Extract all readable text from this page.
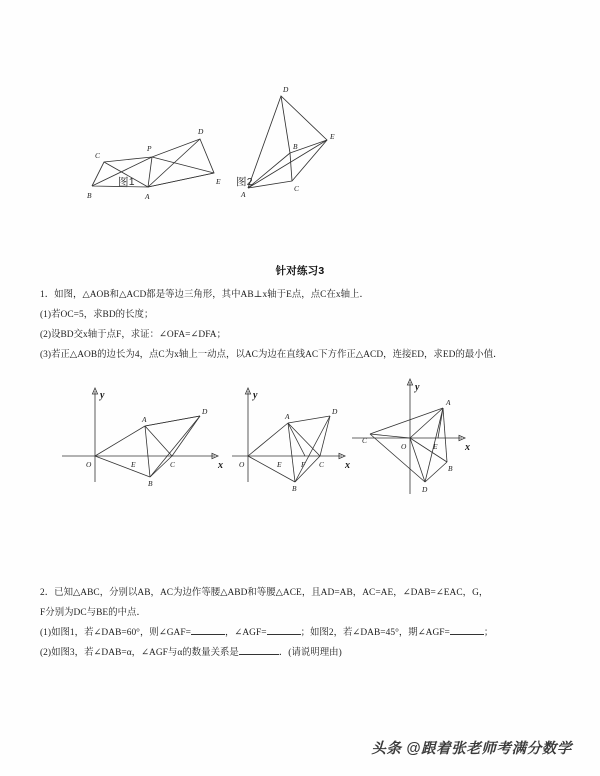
C
P
D
B	A
E
D
E
B
C
A
图1	图2
针对练习3
1．如图，△AOB和△ACD都是等边三角形，其中AB⊥x轴于E点，点C在x轴上．
(1)若OC=5，求BD的长度；
(2)设BD交x轴于点F，求证：∠OFA=∠DFA；
(3)若正△AOB的边长为4，点C为x轴上一动点，以AC为边在直线AC下方作正△ACD，连接ED，求ED的最小值．
O
A
B
C
D
E
y
x O
A
B
C
D
E	F
y
x
O
A
B
C
D
E
y
x
2．已知△ABC，分别以AB，AC为边作等腰△ABD和等腰△ACE，且AD=AB，AC=AE，∠DAB=∠EAC，G，
F分别为DC与BE的中点．
(1)如图1，若∠DAB=60°，则∠GAF=	，∠AGF=	；如图2，若∠DAB=45°，期∠AGF=	；
(2)如图3，若∠DAB=α，∠AGF与α的数量关系是	．(请说明理由)
头条 @跟着张老师考满分数学
